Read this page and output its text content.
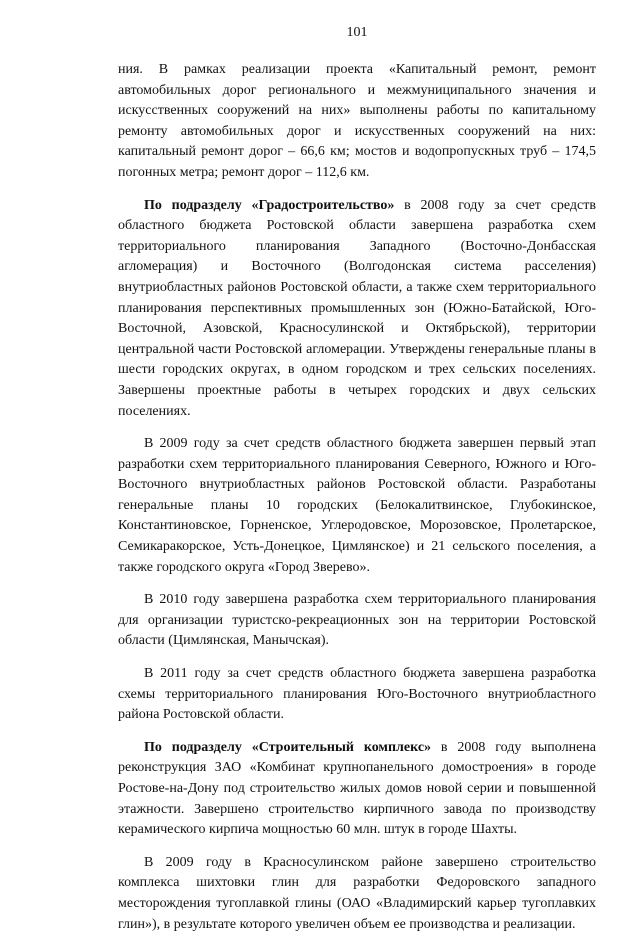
101

ния. В рамках реализации проекта «Капитальный ремонт, ремонт автомобильных дорог регионального и межмуниципального значения и искусственных сооружений на них» выполнены работы по капитальному ремонту автомобильных дорог и искусственных сооружений на них: капитальный ремонт дорог – 66,6 км; мостов и водопропускных труб – 174,5 погонных метра; ремонт дорог – 112,6 км.

По подразделу «Градостроительство» в 2008 году за счет средств областного бюджета Ростовской области завершена разработка схем территориального планирования Западного (Восточно-Донбасская агломерация) и Восточного (Волгодонская система расселения) внутриобластных районов Ростовской области, а также схем территориального планирования перспективных промышленных зон (Южно-Батайской, Юго-Восточной, Азовской, Красносулинской и Октябрьской), территории центральной части Ростовской агломерации. Утверждены генеральные планы в шести городских округах, в одном городском и трех сельских поселениях. Завершены проектные работы в четырех городских и двух сельских поселениях.

В 2009 году за счет средств областного бюджета завершен первый этап разработки схем территориального планирования Северного, Южного и Юго-Восточного внутриобластных районов Ростовской области. Разработаны генеральные планы 10 городских (Белокалитвинское, Глубокинское, Константиновское, Горненское, Углеродовское, Морозовское, Пролетарское, Семикаракорское, Усть-Донецкое, Цимлянское) и 21 сельского поселения, а также городского округа «Город Зверево».

В 2010 году завершена разработка схем территориального планирования для организации туристско-рекреационных зон на территории Ростовской области (Цимлянская, Манычская).

В 2011 году за счет средств областного бюджета завершена разработка схемы территориального планирования Юго-Восточного внутриобластного района Ростовской области.

По подразделу «Строительный комплекс» в 2008 году выполнена реконструкция ЗАО «Комбинат крупнопанельного домостроения» в городе Ростове-на-Дону под строительство жилых домов новой серии и повышенной этажности. Завершено строительство кирпичного завода по производству керамического кирпича мощностью 60 млн. штук в городе Шахты.

В 2009 году в Красносулинском районе завершено строительство комплекса шихтовки глин для разработки Федоровского западного месторождения тугоплавкой глины (ОАО «Владимирский карьер тугоплавких глин»), в результате которого увеличен объем ее производства и реализации.
